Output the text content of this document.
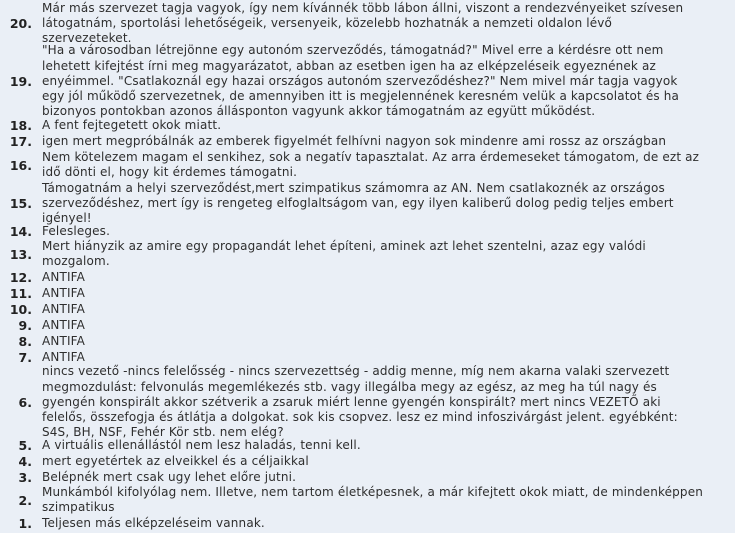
20.
Már más szervezet tagja vagyok, így nem kívánnék több lábon állni, viszont a rendezvényeiket szívesen
látogatnám, sportolási lehetőségeik, versenyeik, közelebb hozhatnák a nemzeti oldalon lévő
szervezeteket.
19.
"Ha a városodban létrejönne egy autonóm szerveződés, támogatnád?" Mivel erre a kérdésre ott nem
lehetett kifejtést írni meg magyarázatot, abban az esetben igen ha az elképzeléseik egyeznének az
enyéimmel. "Csatlakoznál egy hazai országos autonóm szerveződéshez?" Nem mivel már tagja vagyok
egy jól működő szervezetnek, de amennyiben itt is megjelennének keresném velük a kapcsolatot és ha
bizonyos pontokban azonos állásponton vagyunk akkor támogatnám az együtt működést.
18. A fent fejtegetett okok miatt.
17. igen mert megpróbálnák az emberek figyelmét felhívni nagyon sok mindenre ami rossz az országban
16.
Nem kötelezem magam el senkihez, sok a negatív tapasztalat. Az arra érdemeseket támogatom, de ezt az
idő dönti el, hogy kit érdemes támogatni.
15.
Támogatnám a helyi szerveződést,mert szimpatikus számomra az AN. Nem csatlakoznék az országos
szerveződéshez, mert így is rengeteg elfoglaltságom van, egy ilyen kaliberű dolog pedig teljes embert
igényel!
14. Felesleges.
13.
Mert hiányzik az amire egy propagandát lehet építeni, aminek azt lehet szentelni, azaz egy valódi
mozgalom.
12. ANTIFA
11. ANTIFA
10. ANTIFA
9. ANTIFA
8. ANTIFA
7. ANTIFA
6.
nincs vezető -nincs felelősség - nincs szervezettség - addig menne, míg nem akarna valaki szervezett
megmozdulást: felvonulás megemlékezés stb. vagy illegálba megy az egész, az meg ha túl nagy és
gyengén konspirált akkor szétverik a zsaruk miért lenne gyengén konspirált? mert nincs VEZETŐ aki
felelős, összefogja és átlátja a dolgokat. sok kis csopvez. lesz ez mind infoszivárgást jelent. egyébként:
S4S, BH, NSF, Fehér Kör stb. nem elég?
5. A virtuális ellenállástól nem lesz haladás, tenni kell.
4. mert egyetértek az elveikkel és a céljaikkal
3. Belépnék mert csak ugy lehet előre jutni.
2.
Munkámból kifolyólag nem. Illetve, nem tartom életképesnek, a már kifejtett okok miatt, de mindenképpen
szimpatikus
1. Teljesen más elképzeléseim vannak.
